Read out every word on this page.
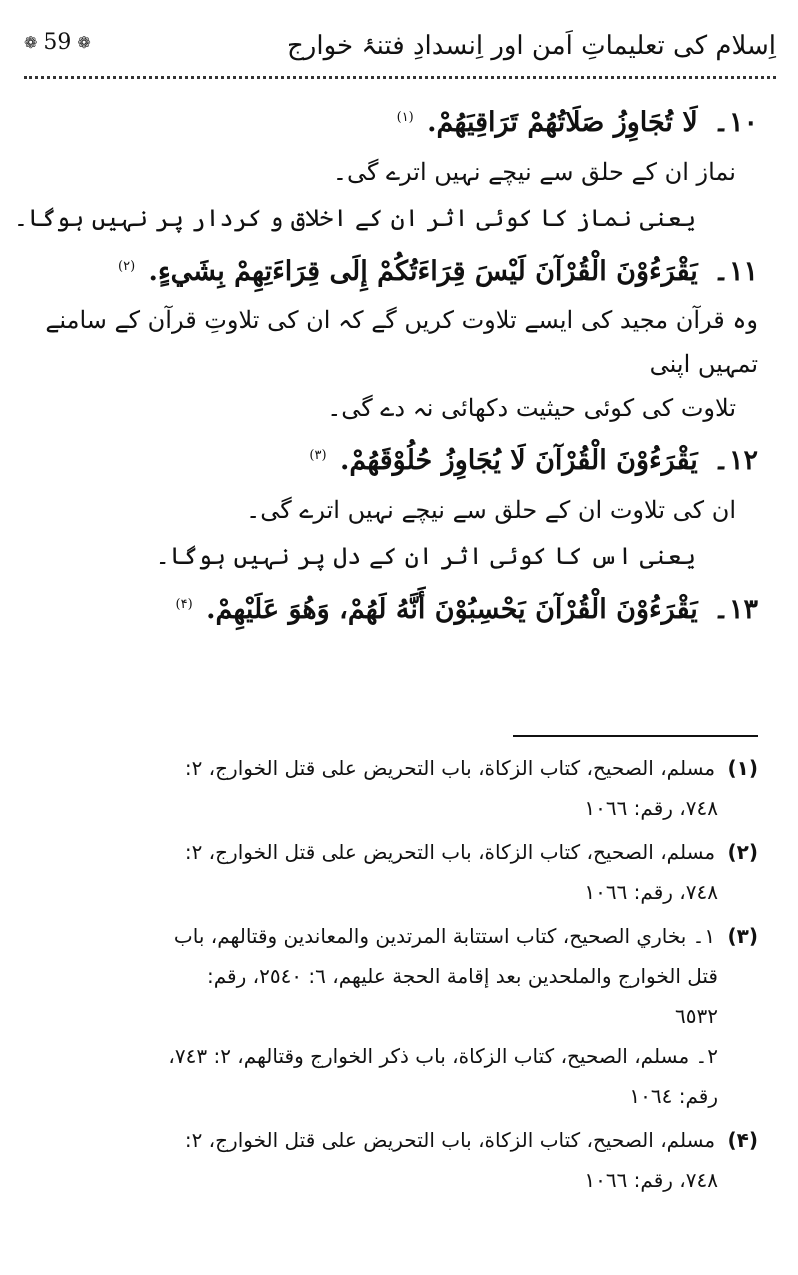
❁ 59 ❁	اِسلام کی تعلیماتِ اَمن اور اِنسدادِ فتنۂ خوارج
۱۰۔ لَا تُجَاوِزُ صَلَاتُهُمْ تَرَاقِيَهُمْ. $^{(۱)}$
نماز ان کے حلق سے نیچے نہیں اترے گی۔
یعنی نماز کا کوئی اثر ان کے اخلاق و کردار پر نہیں ہوگا۔
۱۱۔ يَقْرَءُوْنَ الْقُرْآنَ لَيْسَ قِرَاءَتُكُمْ إِلَى قِرَاءَتِهِمْ بِشَيءٍ. $^{(۲)}$
وہ قرآن مجید کی ایسے تلاوت کریں گے کہ ان کی تلاوتِ قرآن کے سامنے تمہیں اپنی
تلاوت کی کوئی حیثیت دکھائی نہ دے گی۔
۱۲۔ يَقْرَءُوْنَ الْقُرْآنَ لَا يُجَاوِزُ حُلُوْقَهُمْ. $^{(۳)}$
ان کی تلاوت ان کے حلق سے نیچے نہیں اترے گی۔
یعنی اس کا کوئی اثر ان کے دل پر نہیں ہوگا۔
۱۳۔ يَقْرَءُوْنَ الْقُرْآنَ يَحْسِبُوْنَ أَنَّهُ لَهُمْ، وَهُوَ عَلَيْهِمْ. $^{(۴)}$
(۱) مسلم، الصحيح، كتاب الزكاة، باب التحريض على قتل الخوارج، ٢:
٧٤٨، رقم: ١٠٦٦
(۲) مسلم، الصحيح، كتاب الزكاة، باب التحريض على قتل الخوارج، ٢:
٧٤٨، رقم: ١٠٦٦
(۳) ١۔ بخاري الصحيح، كتاب استتابة المرتدين والمعاندين وقتالهم، باب
قتل الخوارج والملحدين بعد إقامة الحجة عليهم، ٦: ٢٥٤٠، رقم:
٦٥٣٢
٢۔ مسلم، الصحيح، كتاب الزكاة، باب ذكر الخوارج وقتالهم، ٢: ٧٤٣،
رقم: ١٠٦٤
(۴) مسلم، الصحيح، كتاب الزكاة، باب التحريض على قتل الخوارج، ٢:
٧٤٨، رقم: ١٠٦٦
